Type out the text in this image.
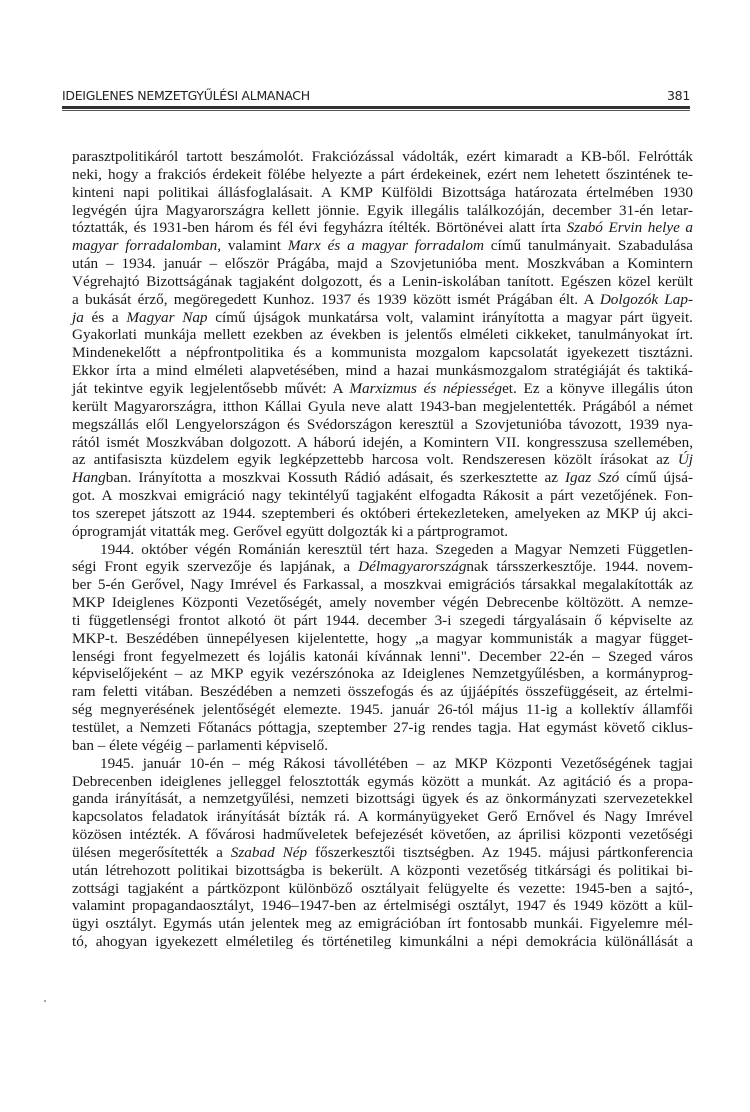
IDEIGLENES NEMZETGYŰLÉSI ALMANACH	381
parasztpolitikáról tartott beszámolót. Frakciózással vádolták, ezért kimaradt a KB-ből. Felrótták
neki, hogy a frakciós érdekeit fölébe helyezte a párt érdekeinek, ezért nem lehetett őszintének te-
kinteni napi politikai állásfoglalásait. A KMP Külföldi Bizottsága határozata értelmében 1930
legvégén újra Magyarországra kellett jönnie. Egyik illegális találkozóján, december 31-én letar-
tóztatták, és 1931-ben három és fél évi fegyházra ítélték. Börtönévei alatt írta Szabó Ervin helye a
magyar forradalomban, valamint Marx és a magyar forradalom című tanulmányait. Szabadulása
után – 1934. január – először Prágába, majd a Szovjetunióba ment. Moszkvában a Komintern
Végrehajtó Bizottságának tagjaként dolgozott, és a Lenin-iskolában tanított. Egészen közel került
a bukását érző, megöregedett Kunhoz. 1937 és 1939 között ismét Prágában élt. A Dolgozók Lap-
ja és a Magyar Nap című újságok munkatársa volt, valamint irányította a magyar párt ügyeit.
Gyakorlati munkája mellett ezekben az években is jelentős elméleti cikkeket, tanulmányokat írt.
Mindenekelőtt a népfrontpolitika és a kommunista mozgalom kapcsolatát igyekezett tisztázni.
Ekkor írta a mind elméleti alapvetésében, mind a hazai munkásmozgalom stratégiáját és taktiká-
ját tekintve egyik legjelentősebb művét: A Marxizmus és népiességet. Ez a könyve illegális úton
került Magyarországra, itthon Kállai Gyula neve alatt 1943-ban megjelentették. Prágából a német
megszállás elől Lengyelországon és Svédországon keresztül a Szovjetunióba távozott, 1939 nya-
rától ismét Moszkvában dolgozott. A háború idején, a Komintern VII. kongresszusa szellemében,
az antifasiszta küzdelem egyik legképzettebb harcosa volt. Rendszeresen közölt írásokat az Új
Hangban. Irányította a moszkvai Kossuth Rádió adásait, és szerkesztette az Igaz Szó című újsá-
got. A moszkvai emigráció nagy tekintélyű tagjaként elfogadta Rákosit a párt vezetőjének. Fon-
tos szerepet játszott az 1944. szeptemberi és októberi értekezleteken, amelyeken az MKP új akci-
óprogramját vitatták meg. Gerővel együtt dolgozták ki a pártprogramot.
1944. október végén Románián keresztül tért haza. Szegeden a Magyar Nemzeti Független-
ségi Front egyik szervezője és lapjának, a Délmagyarországnak társszerkesztője. 1944. novem-
ber 5-én Gerővel, Nagy Imrével és Farkassal, a moszkvai emigrációs társakkal megalakították az
MKP Ideiglenes Központi Vezetőségét, amely november végén Debrecenbe költözött. A nemze-
ti függetlenségi frontot alkotó öt párt 1944. december 3-i szegedi tárgyalásain ő képviselte az
MKP-t. Beszédében ünnepélyesen kijelentette, hogy „a magyar kommunisták a magyar függet-
lenségi front fegyelmezett és lojális katonái kívánnak lenni". December 22-én – Szeged város
képviselőjeként – az MKP egyik vezérszónoka az Ideiglenes Nemzetgyűlésben, a kormányprog-
ram feletti vitában. Beszédében a nemzeti összefogás és az újjáépítés összefüggéseit, az értelmi-
ség megnyerésének jelentőségét elemezte. 1945. január 26-tól május 11-ig a kollektív államfői
testület, a Nemzeti Főtanács póttagja, szeptember 27-ig rendes tagja. Hat egymást követő ciklus-
ban – élete végéig – parlamenti képviselő.
1945. január 10-én – még Rákosi távollétében – az MKP Központi Vezetőségének tagjai
Debrecenben ideiglenes jelleggel felosztották egymás között a munkát. Az agitáció és a propa-
ganda irányítását, a nemzetgyűlési, nemzeti bizottsági ügyek és az önkormányzati szervezetekkel
kapcsolatos feladatok irányítását bízták rá. A kormányügyeket Gerő Ernővel és Nagy Imrével
közösen intézték. A fővárosi hadműveletek befejezését követően, az áprilisi központi vezetőségi
ülésen megerősítették a Szabad Nép főszerkesztői tisztségben. Az 1945. májusi pártkonferencia
után létrehozott politikai bizottságba is bekerült. A központi vezetőség titkársági és politikai bi-
zottsági tagjaként a pártközpont különböző osztályait felügyelte és vezette: 1945-ben a sajtó-,
valamint propagandaosztályt, 1946–1947-ben az értelmiségi osztályt, 1947 és 1949 között a kül-
ügyi osztályt. Egymás után jelentek meg az emigrációban írt fontosabb munkái. Figyelemre mél-
tó, ahogyan igyekezett elméletileg és történetileg kimunkálni a népi demokrácia különállását a
